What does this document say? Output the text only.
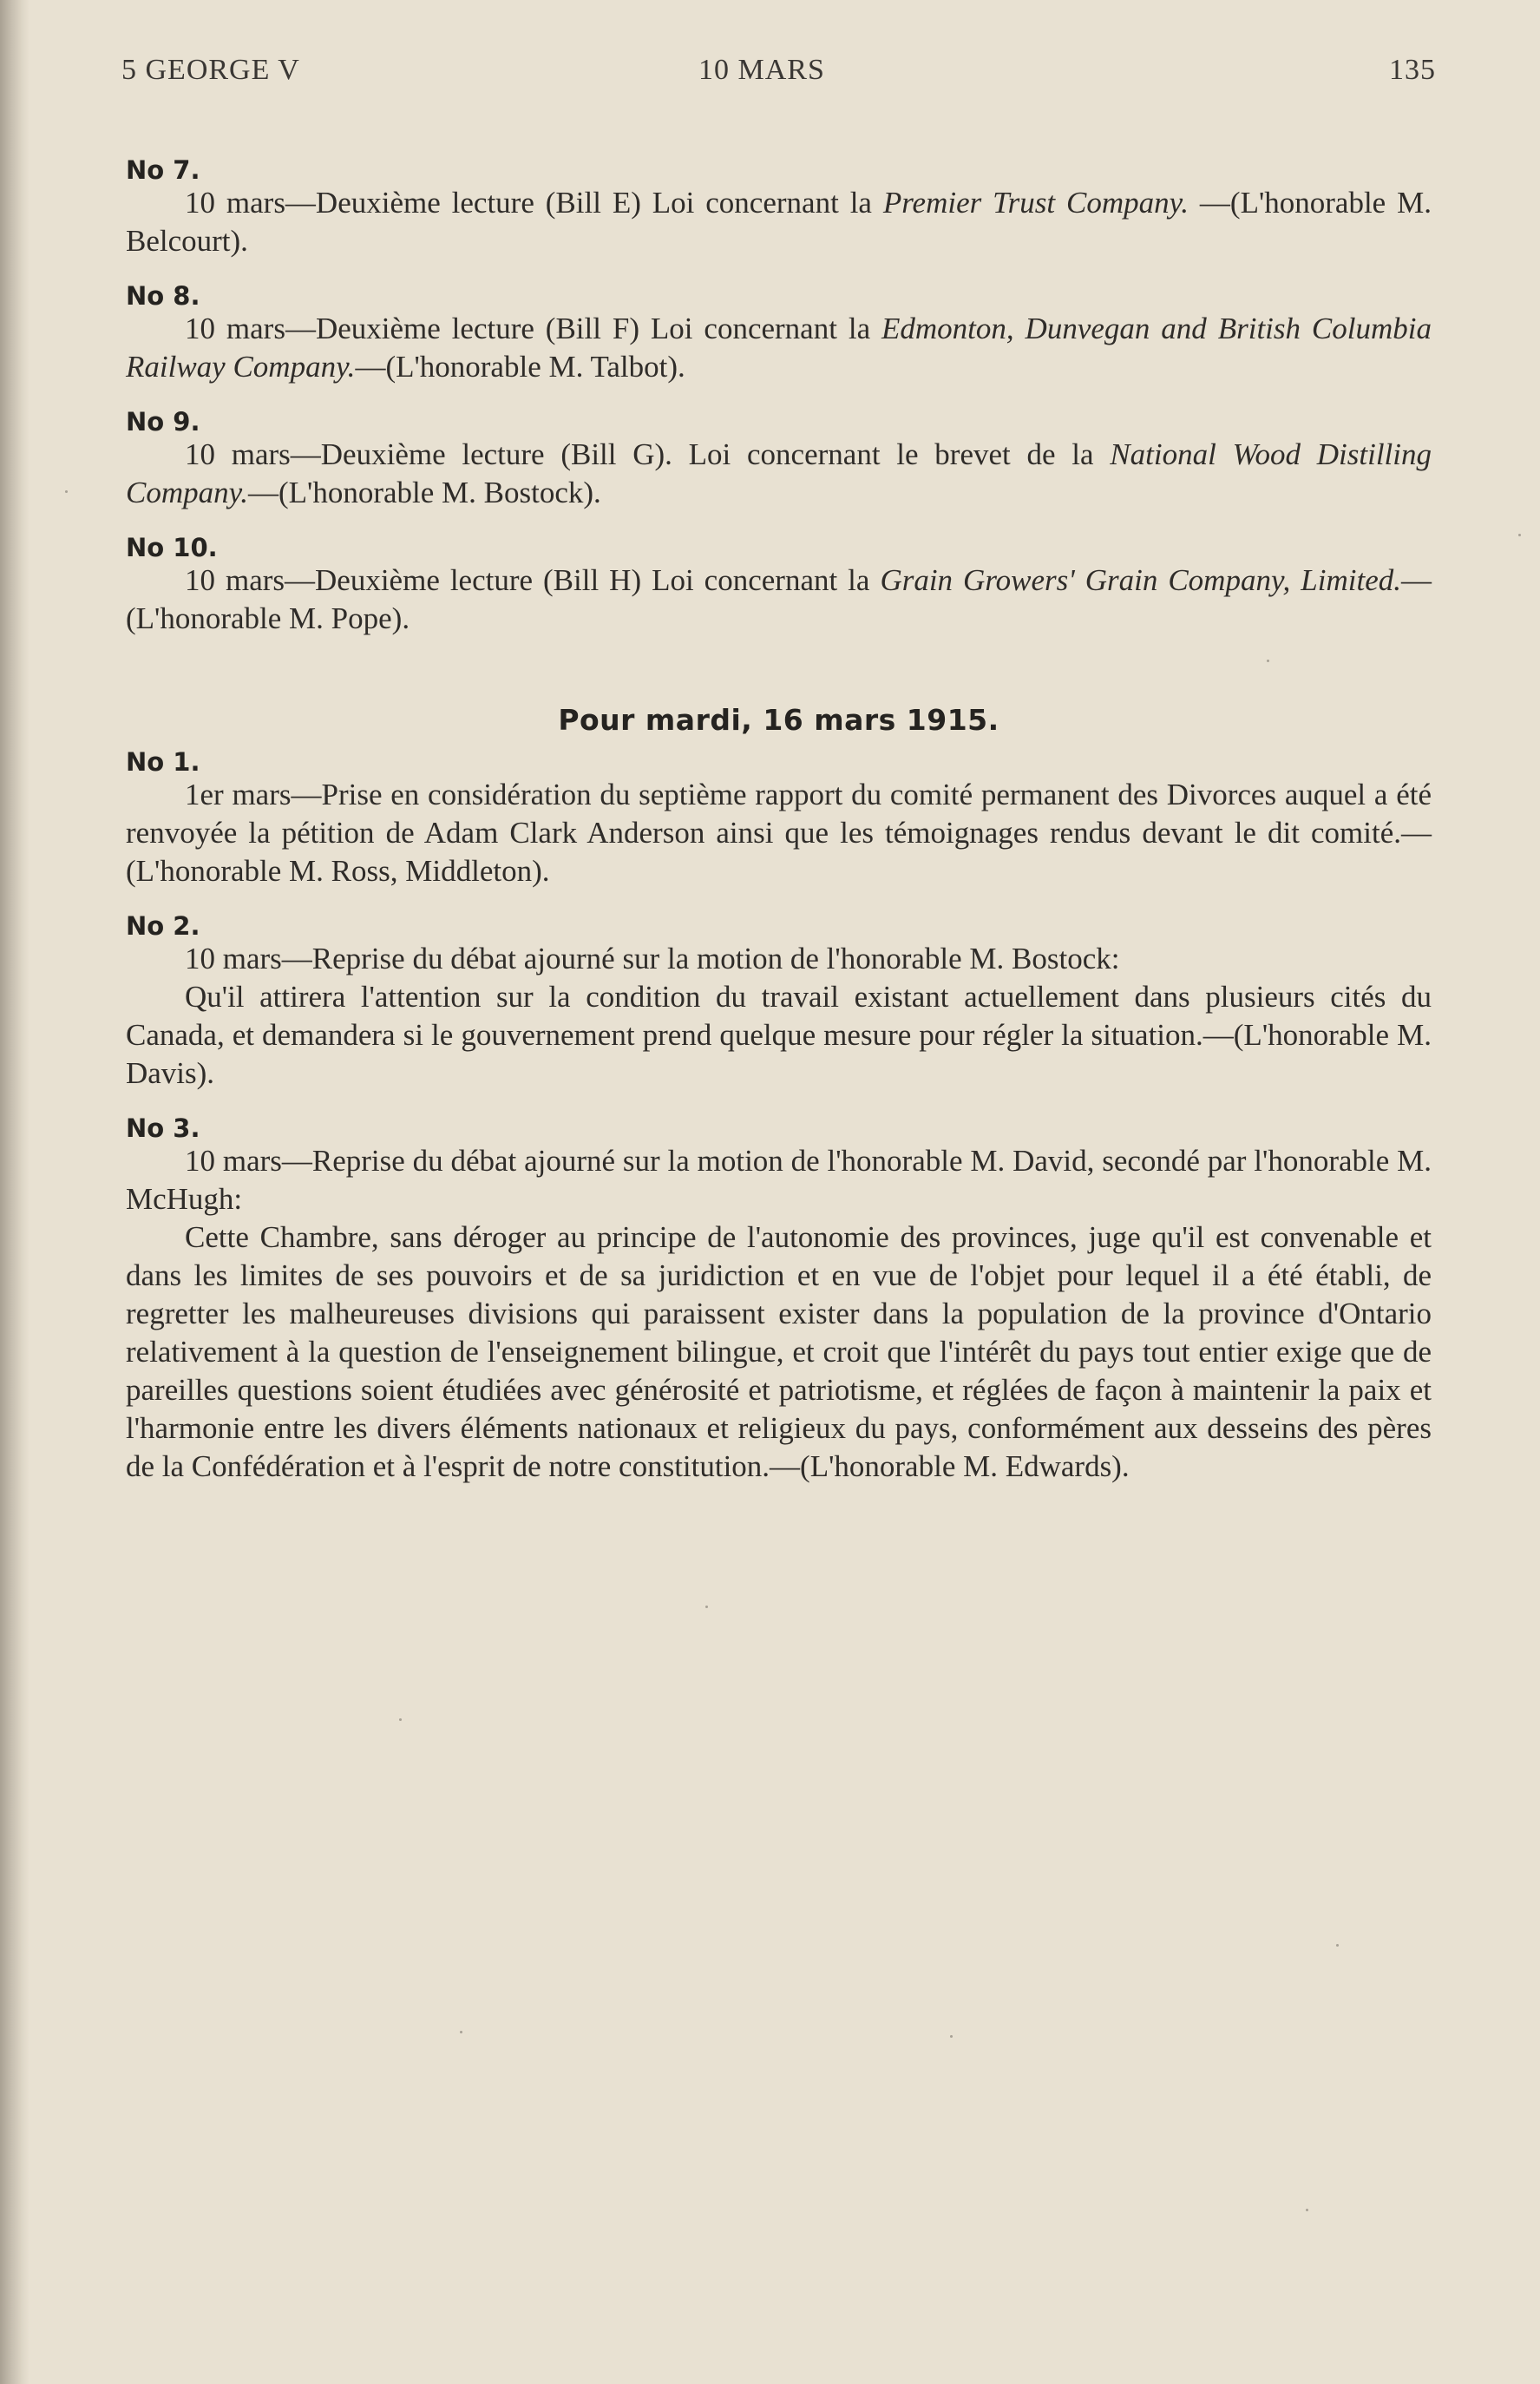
5 GEORGE V	10 MARS	135
No 7.
10 mars—Deuxième lecture (Bill E) Loi concernant la Premier Trust Company. —(L'honorable M. Belcourt).
No 8.
10 mars—Deuxième lecture (Bill F) Loi concernant la Edmonton, Dunvegan and British Columbia Railway Company.—(L'honorable M. Talbot).
No 9.
10 mars—Deuxième lecture (Bill G). Loi concernant le brevet de la National Wood Distilling Company.—(L'honorable M. Bostock).
No 10.
10 mars—Deuxième lecture (Bill H) Loi concernant la Grain Growers' Grain Company, Limited.—(L'honorable M. Pope).
Pour mardi, 16 mars 1915.
No 1.
1er mars—Prise en considération du septième rapport du comité permanent des Divorces auquel a été renvoyée la pétition de Adam Clark Anderson ainsi que les témoignages rendus devant le dit comité.—(L'honorable M. Ross, Middleton).
No 2.
10 mars—Reprise du débat ajourné sur la motion de l'honorable M. Bostock:
Qu'il attirera l'attention sur la condition du travail existant actuellement dans plusieurs cités du Canada, et demandera si le gouvernement prend quelque mesure pour régler la situation.—(L'honorable M. Davis).
No 3.
10 mars—Reprise du débat ajourné sur la motion de l'honorable M. David, secondé par l'honorable M. McHugh:
Cette Chambre, sans déroger au principe de l'autonomie des provinces, juge qu'il est convenable et dans les limites de ses pouvoirs et de sa juridiction et en vue de l'objet pour lequel il a été établi, de regretter les malheureuses divisions qui paraissent exister dans la population de la province d'Ontario relativement à la question de l'enseignement bilingue, et croit que l'intérêt du pays tout entier exige que de pareilles questions soient étudiées avec générosité et patriotisme, et réglées de façon à maintenir la paix et l'harmonie entre les divers éléments nationaux et religieux du pays, conformément aux desseins des pères de la Confédération et à l'esprit de notre constitution.—(L'honorable M. Edwards).
